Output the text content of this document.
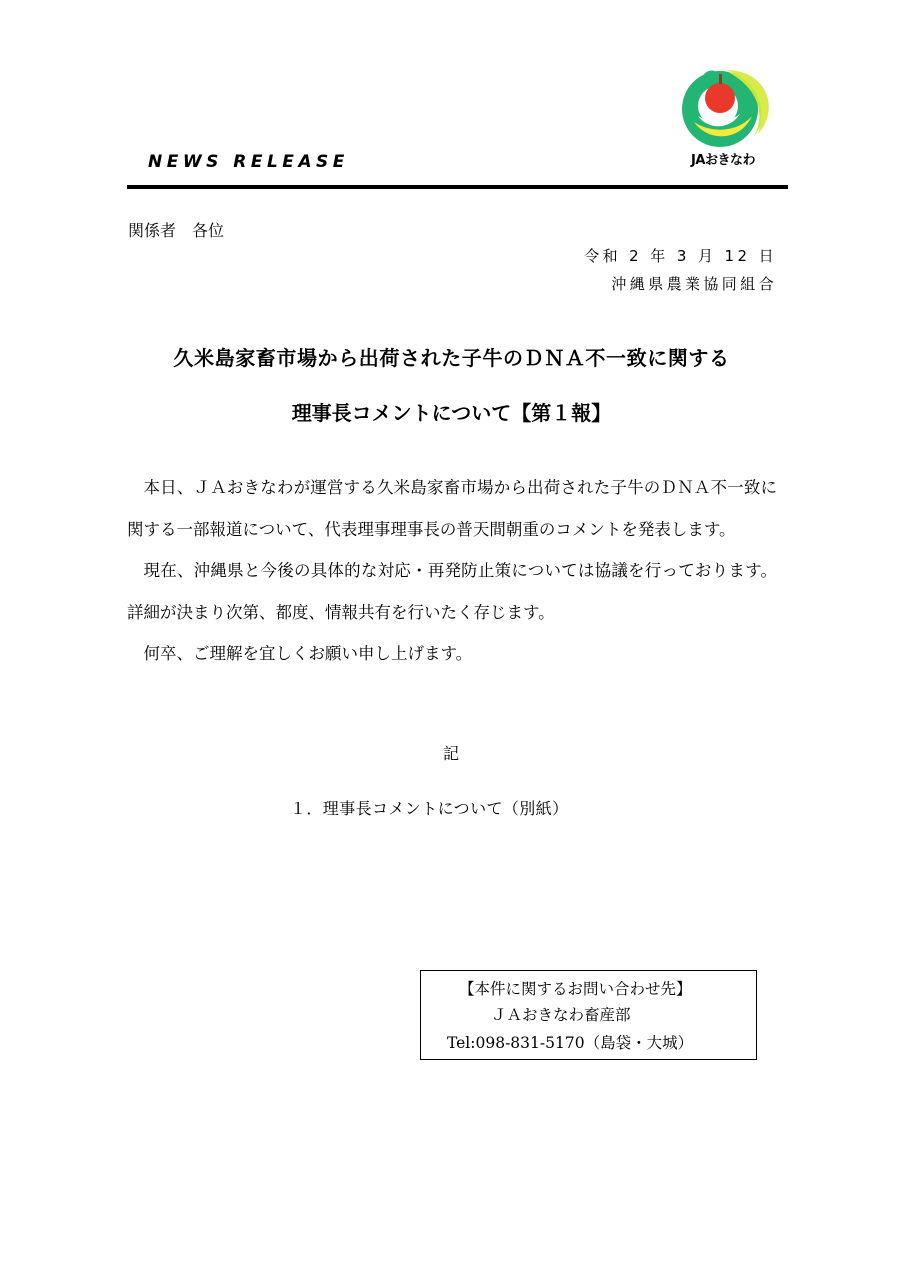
NEWS RELEASE	JAおきなわ
関係者　各位
令和 2 年 3 月 12 日
沖縄県農業協同組合
久米島家畜市場から出荷された子牛のＤＮＡ不一致に関する
理事長コメントについて【第１報】

本日、ＪＡおきなわが運営する久米島家畜市場から出荷された子牛のＤＮＡ不一致に関する一部報道について、代表理事理事長の普天間朝重のコメントを発表します。

現在、沖縄県と今後の具体的な対応・再発防止策については協議を行っております。詳細が決まり次第、都度、情報共有を行いたく存じます。

何卒、ご理解を宜しくお願い申し上げます。

記
１．理事長コメントについて（別紙）
【本件に関するお問い合わせ先】
ＪＡおきなわ畜産部
Tel:098-831-5170（島袋・大城）
